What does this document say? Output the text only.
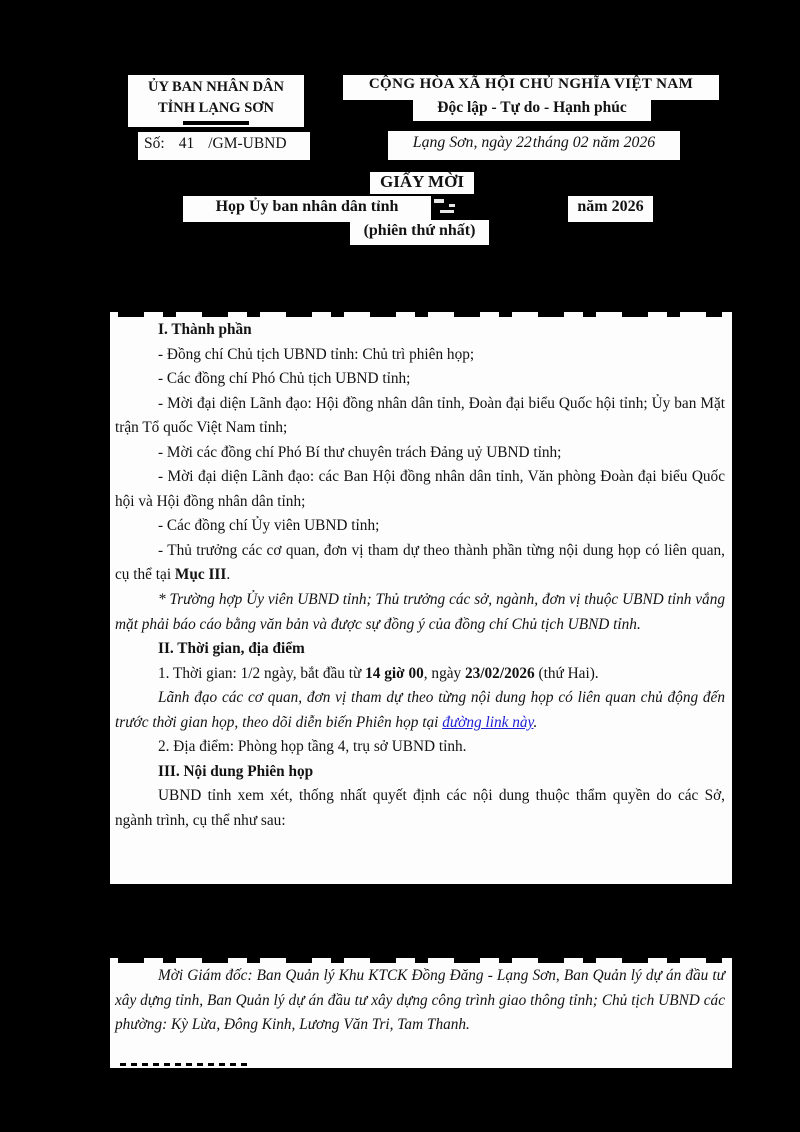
ỦY BAN NHÂN DÂN
TỈNH LẠNG SƠN
Số: 41 /GM-UBND
CỘNG HÒA XÃ HỘI CHỦ NGHĨA VIỆT NAM
Độc lập - Tự do - Hạnh phúc
Lạng Sơn, ngày 22 tháng 02 năm 2026
GIẤY MỜI
Họp Ủy ban nhân dân tỉnh	năm 2026
(phiên thứ nhất)

I. Thành phần

- Đồng chí Chủ tịch UBND tỉnh: Chủ trì phiên họp;

- Các đồng chí Phó Chủ tịch UBND tỉnh;

- Mời đại diện Lãnh đạo: Hội đồng nhân dân tỉnh, Đoàn đại biểu Quốc hội tỉnh; Ủy ban Mặt trận Tổ quốc Việt Nam tỉnh;

- Mời các đồng chí Phó Bí thư chuyên trách Đảng uỷ UBND tỉnh;

- Mời đại diện Lãnh đạo: các Ban Hội đồng nhân dân tỉnh, Văn phòng Đoàn đại biểu Quốc hội và Hội đồng nhân dân tỉnh;

- Các đồng chí Ủy viên UBND tỉnh;

- Thủ trưởng các cơ quan, đơn vị tham dự theo thành phần từng nội dung họp có liên quan, cụ thể tại Mục III.

* Trường hợp Ủy viên UBND tỉnh; Thủ trưởng các sở, ngành, đơn vị thuộc UBND tỉnh vắng mặt phải báo cáo bằng văn bản và được sự đồng ý của đồng chí Chủ tịch UBND tỉnh.

II. Thời gian, địa điểm

1. Thời gian: 1/2 ngày, bắt đầu từ 14 giờ 00, ngày 23/02/2026 (thứ Hai).

Lãnh đạo các cơ quan, đơn vị tham dự theo từng nội dung họp có liên quan chủ động đến trước thời gian họp, theo dõi diễn biến Phiên họp tại đường link này.

2. Địa điểm: Phòng họp tầng 4, trụ sở UBND tỉnh.

III. Nội dung Phiên họp

UBND tỉnh xem xét, thống nhất quyết định các nội dung thuộc thẩm quyền do các Sở, ngành trình, cụ thể như sau:

Mời Giám đốc: Ban Quản lý Khu KTCK Đồng Đăng - Lạng Sơn, Ban Quản lý dự án đầu tư xây dựng tỉnh, Ban Quản lý dự án đầu tư xây dựng công trình giao thông tỉnh; Chủ tịch UBND các phường: Kỳ Lừa, Đông Kinh, Lương Văn Tri, Tam Thanh.
